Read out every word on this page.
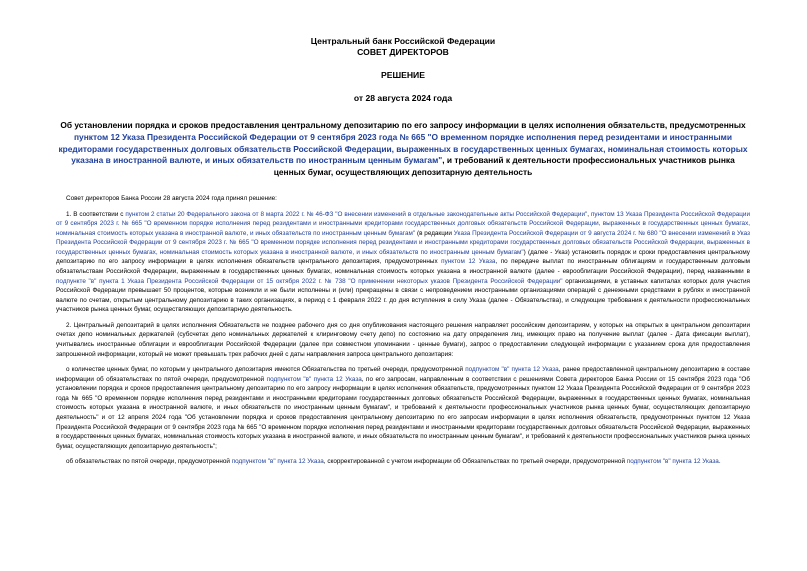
Центральный банк Российской Федерации
СОВЕТ ДИРЕКТОРОВ
РЕШЕНИЕ
от 28 августа 2024 года
Об установлении порядка и сроков предоставления центральному депозитарию по его запросу информации в целях исполнения обязательств, предусмотренных пунктом 12 Указа Президента Российской Федерации от 9 сентября 2023 года № 665 "О временном порядке исполнения перед резидентами и иностранными кредиторами государственных долговых обязательств Российской Федерации, выраженных в государственных ценных бумагах, номинальная стоимость которых указана в иностранной валюте, и иных обязательств по иностранным ценным бумагам", и требований к деятельности профессиональных участников рынка ценных бумаг, осуществляющих депозитарную деятельность

Совет директоров Банка России 28 августа 2024 года принял решение:

1. В соответствии с пунктом 2 статьи 20 Федерального закона от 8 марта 2022 г. № 46-ФЗ "О внесении изменений в отдельные законодательные акты Российской Федерации", пунктом 13 Указа Президента Российской Федерации от 9 сентября 2023 г. № 665 "О временном порядке исполнения перед резидентами и иностранными кредиторами государственных долговых обязательств Российской Федерации, выраженных в государственных ценных бумагах, номинальная стоимость которых указана в иностранной валюте, и иных обязательств по иностранным ценным бумагам" (в редакции Указа Президента Российской Федерации от 9 августа 2024 г. № 680 "О внесении изменений в Указ Президента Российской Федерации от 9 сентября 2023 г. № 665 "О временном порядке исполнения перед резидентами и иностранными кредиторами государственных долговых обязательств Российской Федерации, выраженных в государственных ценных бумагах, номинальная стоимость которых указана в иностранной валюте, и иных обязательств по иностранным ценным бумагам") (далее - Указ) установить порядок и сроки предоставления центральному депозитарию по его запросу информации в целях исполнения обязательств центрального депозитария, предусмотренных пунктом 12 Указа, по передаче выплат по иностранным облигациям и государственным долговым обязательствам Российской Федерации, выраженным в государственных ценных бумагах, номинальная стоимость которых указана в иностранной валюте (далее - еврооблигации Российской Федерации), перед названными в подпункте "в" пункта 1 Указа Президента Российской Федерации от 15 октября 2022 г. № 738 "О применении некоторых указов Президента Российской Федерации" организациями, в уставных капиталах которых доля участия Российской Федерации превышает 50 процентов, которые возникли и не были исполнены и (или) прекращены в связи с непроведением иностранными организациями операций с денежными средствами в рублях и иностранной валюте по счетам, открытым центральному депозитарию в таких организациях, в период с 1 февраля 2022 г. до дня вступления в силу Указа (далее - Обязательства), и следующие требования к деятельности профессиональных участников рынка ценных бумаг, осуществляющих депозитарную деятельность.

2. Центральный депозитарий в целях исполнения Обязательств не позднее рабочего дня со дня опубликования настоящего решения направляет российским депозитариям, у которых на открытых в центральном депозитарии счетах депо номинальных держателей (субсчетах депо номинальных держателей к клиринговому счету депо) по состоянию на дату определения лиц, имеющих право на получение выплат (далее - Дата фиксации выплат), учитывались иностранные облигации и еврооблигации Российской Федерации (далее при совместном упоминании - ценные бумаги), запрос о предоставлении следующей информации с указанием срока для предоставления запрошенной информации, который не может превышать трех рабочих дней с даты направления запроса центрального депозитария:

о количестве ценных бумаг, по которым у центрального депозитария имеются Обязательства по третьей очереди, предусмотренной подпунктом "в" пункта 12 Указа, ранее предоставленной центральному депозитарию в составе информации об обязательствах по пятой очереди, предусмотренной подпунктом "в" пункта 12 Указа, по его запросам, направленным в соответствии с решениями Совета директоров Банка России от 15 сентября 2023 года "Об установлении порядка и сроков предоставления центральному депозитарию по его запросу информации в целях исполнения обязательств, предусмотренных пунктом 12 Указа Президента Российской Федерации от 9 сентября 2023 года № 665 "О временном порядке исполнения перед резидентами и иностранными кредиторами государственных долговых обязательств Российской Федерации, выраженных в государственных ценных бумагах, номинальная стоимость которых указана в иностранной валюте, и иных обязательств по иностранным ценным бумагам", и требований к деятельности профессиональных участников рынка ценных бумаг, осуществляющих депозитарную деятельность" и от 12 апреля 2024 года "Об установлении порядка и сроков предоставления центральному депозитарию по его запросам информации в целях исполнения обязательств, предусмотренных пунктом 12 Указа Президента Российской Федерации от 9 сентября 2023 года № 665 "О временном порядке исполнения перед резидентами и иностранными кредиторами государственных долговых обязательств Российской Федерации, выраженных в государственных ценных бумагах, номинальная стоимость которых указана в иностранной валюте, и иных обязательств по иностранным ценным бумагам", и требований к деятельности профессиональных участников рынка ценных бумаг, осуществляющих депозитарную деятельность";

об обязательствах по пятой очереди, предусмотренной подпунктом "в" пункта 12 Указа, скорректированной с учетом информации об Обязательствах по третьей очереди, предусмотренной подпунктом "в" пункта 12 Указа.
